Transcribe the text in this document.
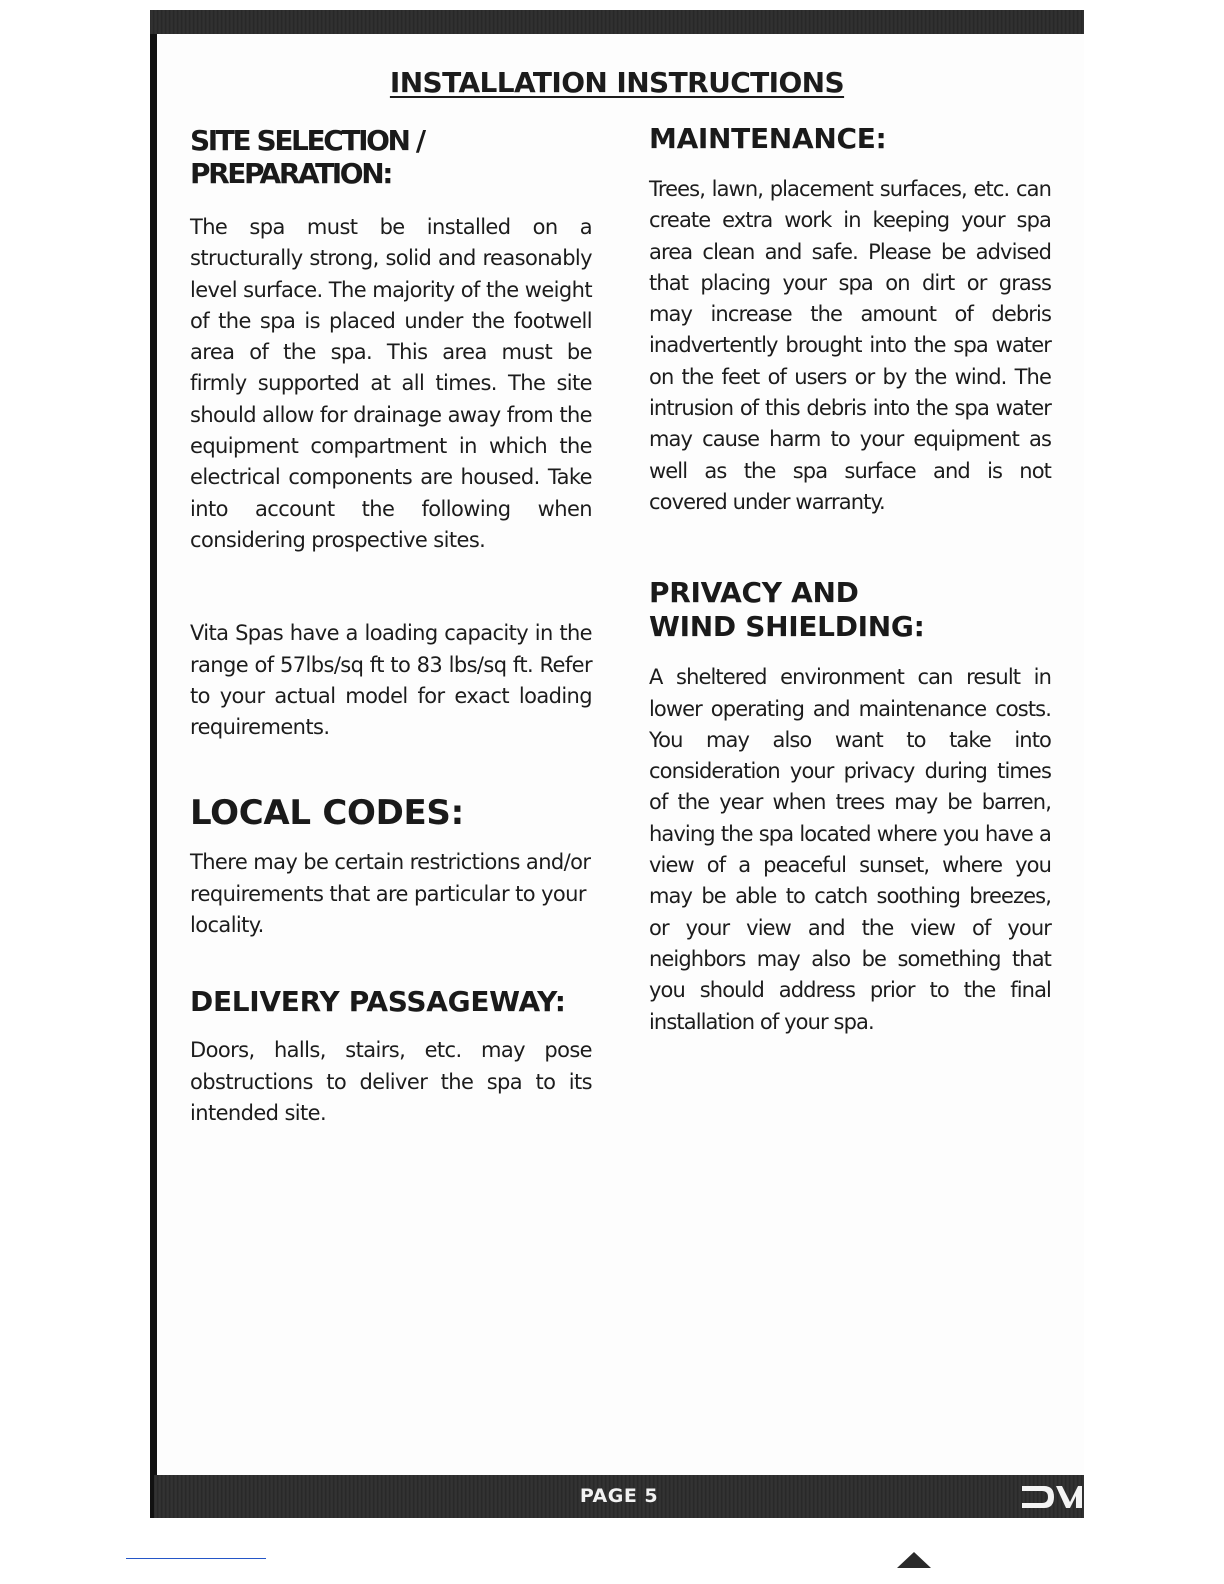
INSTALLATION INSTRUCTIONS
SITE SELECTION / PREPARATION:

The spa must be installed on a structurally strong, solid and reasonably level surface. The majority of the weight of the spa is placed under the footwell area of the spa. This area must be firmly supported at all times. The site should allow for drainage away from the equipment compartment in which the electrical components are housed. Take into account the following when considering prospective sites.

Vita Spas have a loading capacity in the range of 57lbs/sq ft to 83 lbs/sq ft. Refer to your actual model for exact loading requirements.

LOCAL CODES:

There may be certain restrictions and/or requirements that are particular to your locality.

DELIVERY PASSAGEWAY:

Doors, halls, stairs, etc. may pose obstructions to deliver the spa to its intended site.

MAINTENANCE:

Trees, lawn, placement surfaces, etc. can create extra work in keeping your spa area clean and safe. Please be advised that placing your spa on dirt or grass may increase the amount of debris inadvertently brought into the spa water on the feet of users or by the wind. The intrusion of this debris into the spa water may cause harm to your equipment as well as the spa surface and is not covered under warranty.

PRIVACY AND
WIND SHIELDING:

A sheltered environment can result in lower operating and maintenance costs. You may also want to take into consideration your privacy during times of the year when trees may be barren, having the spa located where you have a view of a peaceful sunset, where you may be able to catch soothing breezes, or your view and the view of your neighbors may also be something that you should address prior to the final installation of your spa.

PAGE 5
